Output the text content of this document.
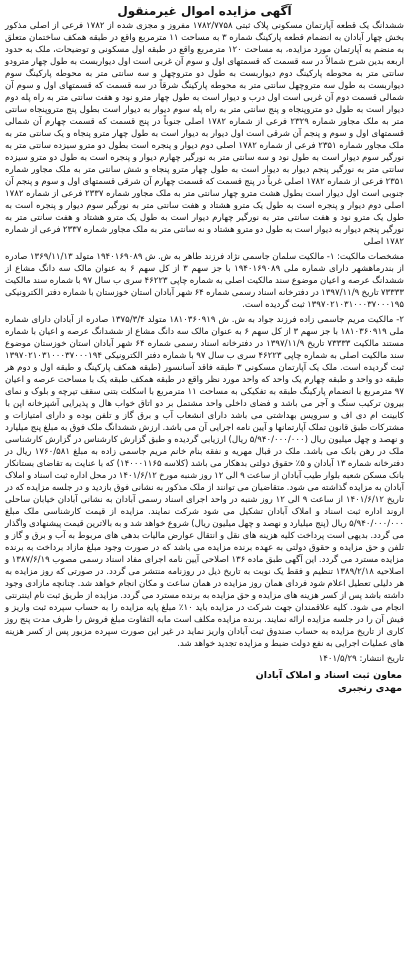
آگهی مزایده اموال غیرمنقول
ششدانگ یک قطعه آپارتمان مسکونی پلاک ثبتی ۱۷۸۲/۷۷۵۸ مفروز و مجزی شده از ۱۷۸۲ فرعی از اصلی مذکور بخش چهار آبادان به انضمام قطعه پارکینگ شماره ۳ به مساحت ۱۱ مترمربع واقع در طبقه همکف ساختمان متعلق به منضم به آپارتمان مورد مزایده، به مساحت ۱۲۰ مترمربع واقع در طبقه اول مسکونی و توضیحات، ملک به حدود اربعه بدین شرح شمالاً در سه قسمت که قسمتهای اول و سوم آن غربی است اول دیواربست به طول چهار مترودو سانتی متر به محوطه پارکینگ دوم دیواربست به طول دو متروچهل و سه سانتی متر به محوطه پارکینگ سوم دیواربست به طول سه متروچهل سانتی متر به محوطه پارکینگ شرقاً در سه قسمت که قسمتهای اول و سوم آن شمالی قسمت دوم آن غربی است اول درب و دیوار است به طول چهار مترو نود و هفت سانتی متر به راه پله دوم دیوار است به طول دو متروپنجاه و پنج سانتی متر به راه پله سوم دیوار به دیوار است بطول پنج متروپنجاه سانتی متر به ملک مجاور شماره ۲۳۲۹ فرعی از شماره ۱۷۸۲ اصلی جنوباً در پنج قسمت که قسمت چهارم آن شمالی قسمتهای اول و سوم و پنجم آن شرقی است اول دیوار به دیوار است به طول چهار مترو پنجاه و یک سانتی متر به ملک مجاور شماره ۲۳۵۱ فرعی از شماره ۱۷۸۲ اصلی دوم دیوار و پنجره است بطول دو مترو سیزده سانتی متر به نورگیر سوم دیوار است به طول نود و سه سانتی متر به نورگیر چهارم دیوار و پنجره است به طول دو مترو سیزده سانتی متر به نورگیر پنجم دیوار به دیوار است به طول چهار مترو پنجاه و شش سانتی متر به ملک مجاور شماره ۲۳۵۱ فرعی از شماره ۱۷۸۲ اصلی غرباً در پنج قسمت که قسمت چهارم آن شرقی قسمتهای اول و سوم و پنجم آن جنوبی است اول دیوار است بطول هشت مترو چهار سانتی متر به ملک مجاور شماره ۲۳۳۷ فرعی از شماره ۱۷۸۲ اصلی دوم دیوار و پنجره است به طول یک مترو هشتاد و هفت سانتی متر به نورگیر سوم دیوار و پنجره است به طول یک مترو نود و هفت سانتی متر به نورگیر چهارم دیوار است به طول یک مترو هشتاد و هفت سانتی متر به نورگیر پنجم دیوار به دیوار است به طول دو مترو هشتاد و نه سانتی متر به ملک مجاور شماره ۲۳۳۷ فرعی از شماره ۱۷۸۲ اصلی
مشخصات مالکیت: ۱- مالکیت سلمان جاسمی نژاد فرزند طاهر به ش. ش ۱۹۴۰۱۶۹۰۸۹ متولد ۱۳۶۹/۱۱/۱۳ صادره از بندرماهشهر دارای شماره ملی ۱۹۴۰۱۶۹۰۸۹ با جز سهم ۳ از کل سهم ۶ به عنوان مالک سه دانگ مشاع از ششدانگ عرصه و اعیان موضوع سند مالکیت اصلی به شماره چاپی ۴۶۲۲۳ سری ب سال ۹۷ با شماره سند مالکیت ۷۳۳۳۳ تاریخ ۱۳۹۷/۱۱/۹ در دفترخانه اسناد رسمی شماره ۶۴ شهر آبادان استان خوزستان با شماره دفتر الکترونیکی ۱۳۹۷۰۲۱۰۳۱۰۰۰۳۷۰۰۰۱۹۵ ثبت گردیده است.
۲- مالکیت مریم جاسمی زاده فرزند جواد به ش. ش ۱۸۱۰۳۶۰۹۱۹ متولد ۱۳۷۵/۳/۴ صادره از آبادان دارای شماره ملی ۱۸۱۰۳۶۰۹۱۹ با جز سهم ۳ از کل سهم ۶ به عنوان مالک سه دانگ مشاع از ششدانگ عرصه و اعیان با شماره مستند مالکیت ۷۳۳۳۳ تاریخ ۱۳۹۷/۱۱/۹ در دفترخانه اسناد رسمی شماره ۶۴ شهر آبادان استان خوزستان موضوع سند مالکیت اصلی به شماره چاپی ۴۶۲۲۳ سری ب سال ۹۷ با شماره دفتر الکترونیکی ۱۳۹۷۰۲۱۰۳۱۰۰۰۳۷۰۰۰۱۹۴ ثبت گردیده است. ملک یک آپارتمان مسکونی ۳ طبقه فاقد آسانسور (طبقه همکف پارکینگ و طبقه اول و دوم هر طبقه دو واحد و طبقه چهارم یک واحد که واحد مورد نظر واقع در طبقه همکف طبقه یک با مساحت عرصه و اعیان ۹۷ مترمربع با انضمام پارکینگ طبقه به تفکیکی به مساحت ۱۱ مترمربع با اسکلت بتنی سقف تیرچه و بلوک و نمای بیرون ترکیب سنگ و آجر می باشد و فضای داخلی واحد مشتمل بر دو اتاق خواب هال و پذیرایی آشپزخانه اپن با کابینت ام دی اف و سرویس بهداشتی می باشد دارای انشعاب آب و برق گاز و تلفن بوده و دارای امتیازات و مشترکات طبق قانون تملک آپارتمانها و آیین نامه اجرایی آن می باشد. ارزش ششدانگ ملک فوق به مبلغ پنج میلیارد و نهصد و چهل میلیون ریال (۵/۹۴۰/۰۰۰/۰۰۰ ریال) ارزیابی گردیده و طبق گزارش کارشناس در گزارش کارشناسی ملک در رهن بانک می باشد. ملک در قبال مهریه و نفقه بنام خانم مریم جاسمی زاده به مبلغ ۱۷۶۰/۵۸۱ ریال در دفترخانه شماره ۱۳ آبادان و ۵٪ حقوق دولتی بدهکار می باشد (کلاسه ۱۴۰۰۰۱۱۶۵) که با عنایت به تقاضای بستانکار بانک مسکن شعبه بلوار طیب آبادان از ساعت ۹ الی ۱۲ روز شنبه مورخ ۱۴۰۱/۶/۱۲ در محل اداره ثبت اسناد و املاک آبادان به مزایده گذاشته می شود. متقاضیان می توانند از ملک مذکور به نشانی فوق بازدید و در جلسه مزایده که در تاریخ ۱۴۰۱/۶/۱۲ از ساعت ۹ الی ۱۲ روز شنبه در واحد اجرای اسناد رسمی آبادان به نشانی آبادان خیابان ساحلی اروند اداره ثبت اسناد و املاک آبادان تشکیل می شود شرکت نمایند. مزایده از قیمت کارشناسی ملک مبلغ ۵/۹۴۰/۰۰۰/۰۰۰ ریال (پنج میلیارد و نهصد و چهل میلیون ریال) شروع خواهد شد و به بالاترین قیمت پیشنهادی واگذار می گردد. بدیهی است پرداخت کلیه هزینه های نقل و انتقال عوارض مالیات بدهی های مربوط به آب و برق و گاز و تلفن و حق مزایده و حقوق دولتی به عهده برنده مزایده می باشد که در صورت وجود مبلغ مازاد برداخت به برنده مزایده مسترد می گردد. این آگهی طبق ماده ۱۳۶ اصلاحی آیین نامه اجرای مفاد اسناد رسمی مصوب ۱۳۸۷/۶/۱۹ و اصلاحیه ۱۳۸۹/۲/۱۸ تنظیم و فقط یک نوبت به تاریخ ذیل در روزنامه منتشر می گردد. در صورتی که روز مزایده به هر دلیلی تعطیل اعلام شود فردای همان روز مزایده در همان ساعت و مکان انجام خواهد شد. چنانچه مازادی وجود داشته باشد پس از کسر هزینه های مزایده و حق مزایده به برنده مسترد می گردد. مزایده از طریق ثبت نام اینترنتی انجام می شود. کلیه علاقمندان جهت شرکت در مزایده باید ۱۰٪ مبلغ پایه مزایده را به حساب سپرده ثبت واریز و فیش آن را در جلسه مزایده ارائه نمایند. برنده مزایده مکلف است مابه التفاوت مبلغ فروش را ظرف مدت پنج روز کاری از تاریخ مزایده به حساب صندوق ثبت آبادان واریز نماید در غیر این صورت سپرده مزبور پس از کسر هزینه های عملیات اجرایی به نفع دولت ضبط و مزایده تجدید خواهد شد.
تاریخ انتشار: ۱۴۰۱/۵/۲۹
معاون ثبت اسناد و املاک آبادان
مهدی رنجبری
